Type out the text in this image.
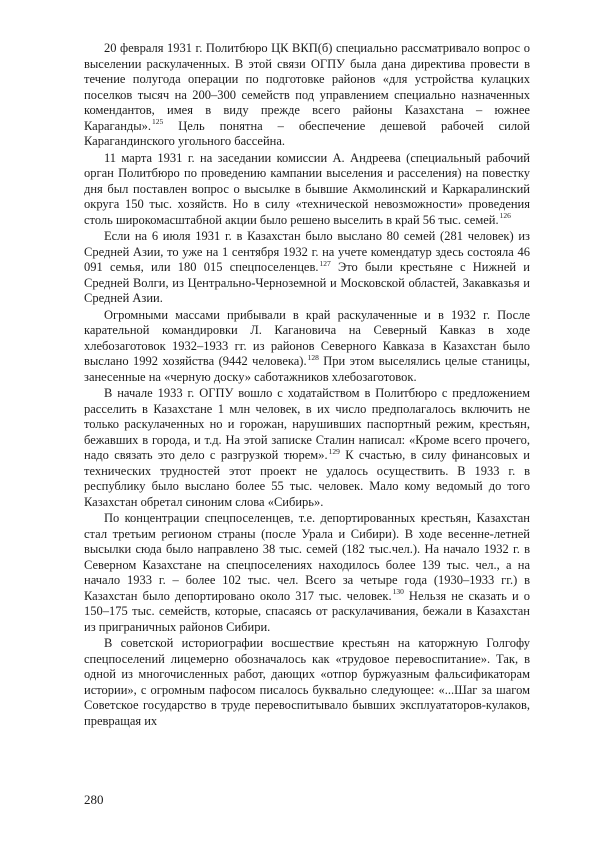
20 февраля 1931 г. Политбюро ЦК ВКП(б) специально рассматривало вопрос о выселении раскулаченных. В этой связи ОГПУ была дана директива провести в течение полугода операции по подготовке районов «для устройства кулацких поселков тысяч на 200–300 семейств под управлением специально назначенных комендантов, имея в виду прежде всего районы Казахстана – южнее Караганды».$^{125}$ Цель понятна – обеспечение дешевой рабочей силой Карагандинского угольного бассейна.

11 марта 1931 г. на заседании комиссии А. Андреева (специальный рабочий орган Политбюро по проведению кампании выселения и расселения) на повестку дня был поставлен вопрос о высылке в бывшие Акмолинский и Каркаралинский округа 150 тыс. хозяйств. Но в силу «технической невозможности» проведения столь широкомасштабной акции было решено выселить в край 56 тыс. семей.$^{126}$

Если на 6 июля 1931 г. в Казахстан было выслано 80 семей (281 человек) из Средней Азии, то уже на 1 сентября 1932 г. на учете комендатур здесь состояла 46 091 семья, или 180 015 спецпоселенцев.$^{127}$ Это были крестьяне с Нижней и Средней Волги, из Центрально-Черноземной и Московской областей, Закавказья и Средней Азии.

Огромными массами прибывали в край раскулаченные и в 1932 г. После карательной командировки Л. Кагановича на Северный Кавказ в ходе хлебозаготовок 1932–1933 гг. из районов Северного Кавказа в Казахстан было выслано 1992 хозяйства (9442 человека).$^{128}$ При этом выселялись целые станицы, занесенные на «черную доску» саботажников хлебозаготовок.

В начале 1933 г. ОГПУ вошло с ходатайством в Политбюро с предложением расселить в Казахстане 1 млн человек, в их число предполагалось включить не только раскулаченных но и горожан, нарушивших паспортный режим, крестьян, бежавших в города, и т.д. На этой записке Сталин написал: «Кроме всего прочего, надо связать это дело с разгрузкой тюрем».$^{129}$ К счастью, в силу финансовых и технических трудностей этот проект не удалось осуществить. В 1933 г. в республику было выслано более 55 тыс. человек. Мало кому ведомый до того Казахстан обретал синоним слова «Сибирь».

По концентрации спецпоселенцев, т.е. депортированных крестьян, Казахстан стал третьим регионом страны (после Урала и Сибири). В ходе весенне-летней высылки сюда было направлено 38 тыс. семей (182 тыс.чел.). На начало 1932 г. в Северном Казахстане на спецпоселениях находилось более 139 тыс. чел., а на начало 1933 г. – более 102 тыс. чел. Всего за четыре года (1930–1933 гг.) в Казахстан было депортировано около 317 тыс. человек.$^{130}$ Нельзя не сказать и о 150–175 тыс. семейств, которые, спасаясь от раскулачивания, бежали в Казахстан из приграничных районов Сибири.

В советской историографии восшествие крестьян на каторжную Голгофу спецпоселений лицемерно обозначалось как «трудовое перевоспитание». Так, в одной из многочисленных работ, дающих «отпор буржуазным фальсификаторам истории», с огромным пафосом писалось буквально следующее: «...Шаг за шагом Советское государство в труде перевоспитывало бывших эксплуататоров-кулаков, превращая их

280
